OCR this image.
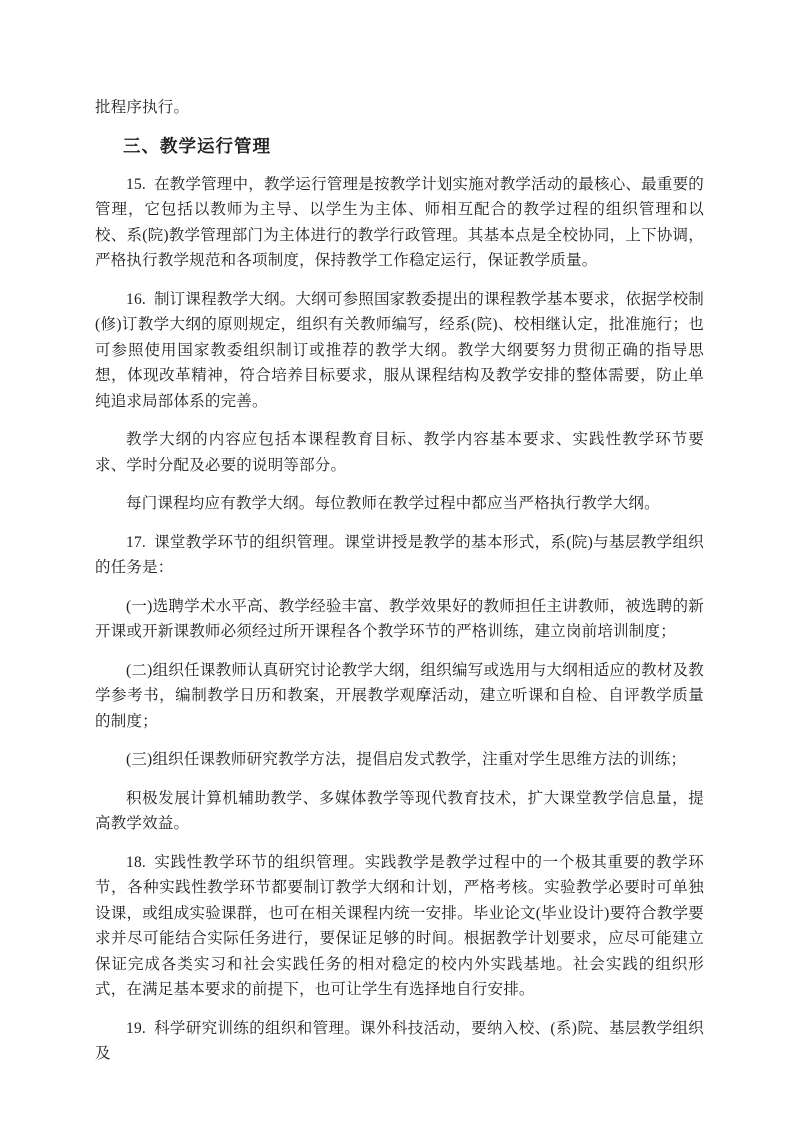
批程序执行。

三、教学运行管理

15. 在教学管理中，教学运行管理是按教学计划实施对教学活动的最核心、最重要的管理，它包括以教师为主导、以学生为主体、师相互配合的教学过程的组织管理和以校、系(院)教学管理部门为主体进行的教学行政管理。其基本点是全校协同，上下协调，严格执行教学规范和各项制度，保持教学工作稳定运行，保证教学质量。

16. 制订课程教学大纲。大纲可参照国家教委提出的课程教学基本要求，依据学校制(修)订教学大纲的原则规定，组织有关教师编写，经系(院)、校相继认定，批准施行；也可参照使用国家教委组织制订或推荐的教学大纲。教学大纲要努力贯彻正确的指导思想，体现改革精神，符合培养目标要求，服从课程结构及教学安排的整体需要，防止单纯追求局部体系的完善。

教学大纲的内容应包括本课程教育目标、教学内容基本要求、实践性教学环节要求、学时分配及必要的说明等部分。

每门课程均应有教学大纲。每位教师在教学过程中都应当严格执行教学大纲。

17. 课堂教学环节的组织管理。课堂讲授是教学的基本形式，系(院)与基层教学组织的任务是：

(一)选聘学术水平高、教学经验丰富、教学效果好的教师担任主讲教师，被选聘的新开课或开新课教师必须经过所开课程各个教学环节的严格训练，建立岗前培训制度；

(二)组织任课教师认真研究讨论教学大纲，组织编写或选用与大纲相适应的教材及教学参考书，编制教学日历和教案，开展教学观摩活动，建立听课和自检、自评教学质量的制度；

(三)组织任课教师研究教学方法，提倡启发式教学，注重对学生思维方法的训练；

积极发展计算机辅助教学、多媒体教学等现代教育技术，扩大课堂教学信息量，提高教学效益。

18. 实践性教学环节的组织管理。实践教学是教学过程中的一个极其重要的教学环节，各种实践性教学环节都要制订教学大纲和计划，严格考核。实验教学必要时可单独设课，或组成实验课群，也可在相关课程内统一安排。毕业论文(毕业设计)要符合教学要求并尽可能结合实际任务进行，要保证足够的时间。根据教学计划要求，应尽可能建立保证完成各类实习和社会实践任务的相对稳定的校内外实践基地。社会实践的组织形式，在满足基本要求的前提下，也可让学生有选择地自行安排。

19. 科学研究训练的组织和管理。课外科技活动，要纳入校、(系)院、基层教学组织及
